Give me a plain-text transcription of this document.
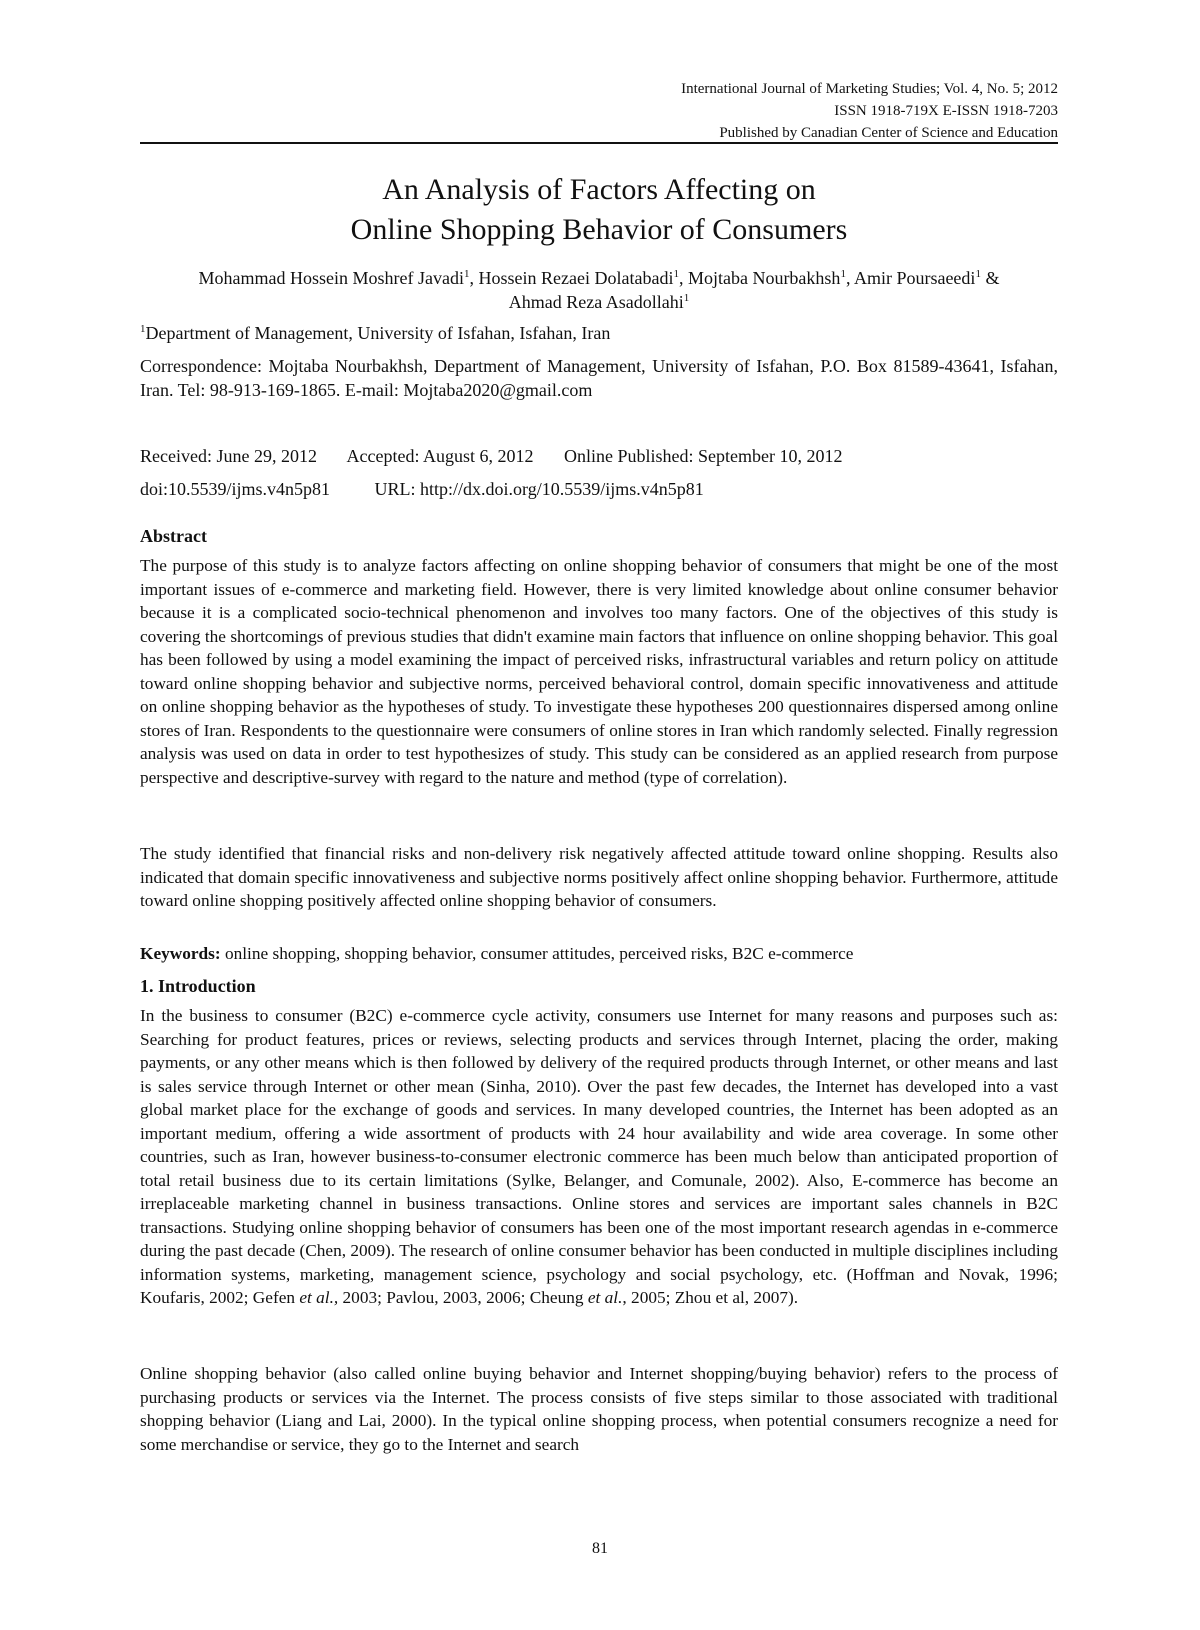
International Journal of Marketing Studies; Vol. 4, No. 5; 2012
ISSN 1918-719X E-ISSN 1918-7203
Published by Canadian Center of Science and Education
An Analysis of Factors Affecting on
Online Shopping Behavior of Consumers
Mohammad Hossein Moshref Javadi$^1$, Hossein Rezaei Dolatabadi$^1$, Mojtaba Nourbakhsh$^1$, Amir Poursaeedi$^1$ &
Ahmad Reza Asadollahi$^1$
$^1$Department of Management, University of Isfahan, Isfahan, Iran
Correspondence: Mojtaba Nourbakhsh, Department of Management, University of Isfahan, P.O. Box 81589-43641, Isfahan, Iran. Tel: 98-913-169-1865. E-mail: Mojtaba2020@gmail.com
Received: June 29, 2012 Accepted: August 6, 2012 Online Published: September 10, 2012
doi:10.5539/ijms.v4n5p81 URL: http://dx.doi.org/10.5539/ijms.v4n5p81
Abstract
The purpose of this study is to analyze factors affecting on online shopping behavior of consumers that might be one of the most important issues of e-commerce and marketing field. However, there is very limited knowledge about online consumer behavior because it is a complicated socio-technical phenomenon and involves too many factors. One of the objectives of this study is covering the shortcomings of previous studies that didn't examine main factors that influence on online shopping behavior. This goal has been followed by using a model examining the impact of perceived risks, infrastructural variables and return policy on attitude toward online shopping behavior and subjective norms, perceived behavioral control, domain specific innovativeness and attitude on online shopping behavior as the hypotheses of study. To investigate these hypotheses 200 questionnaires dispersed among online stores of Iran. Respondents to the questionnaire were consumers of online stores in Iran which randomly selected. Finally regression analysis was used on data in order to test hypothesizes of study. This study can be considered as an applied research from purpose perspective and descriptive-survey with regard to the nature and method (type of correlation).
The study identified that financial risks and non-delivery risk negatively affected attitude toward online shopping. Results also indicated that domain specific innovativeness and subjective norms positively affect online shopping behavior. Furthermore, attitude toward online shopping positively affected online shopping behavior of consumers.
Keywords: online shopping, shopping behavior, consumer attitudes, perceived risks, B2C e-commerce
1. Introduction
In the business to consumer (B2C) e-commerce cycle activity, consumers use Internet for many reasons and purposes such as: Searching for product features, prices or reviews, selecting products and services through Internet, placing the order, making payments, or any other means which is then followed by delivery of the required products through Internet, or other means and last is sales service through Internet or other mean (Sinha, 2010). Over the past few decades, the Internet has developed into a vast global market place for the exchange of goods and services. In many developed countries, the Internet has been adopted as an important medium, offering a wide assortment of products with 24 hour availability and wide area coverage. In some other countries, such as Iran, however business-to-consumer electronic commerce has been much below than anticipated proportion of total retail business due to its certain limitations (Sylke, Belanger, and Comunale, 2002). Also, E-commerce has become an irreplaceable marketing channel in business transactions. Online stores and services are important sales channels in B2C transactions. Studying online shopping behavior of consumers has been one of the most important research agendas in e-commerce during the past decade (Chen, 2009). The research of online consumer behavior has been conducted in multiple disciplines including information systems, marketing, management science, psychology and social psychology, etc. (Hoffman and Novak, 1996; Koufaris, 2002; Gefen et al., 2003; Pavlou, 2003, 2006; Cheung et al., 2005; Zhou et al, 2007).
Online shopping behavior (also called online buying behavior and Internet shopping/buying behavior) refers to the process of purchasing products or services via the Internet. The process consists of five steps similar to those associated with traditional shopping behavior (Liang and Lai, 2000). In the typical online shopping process, when potential consumers recognize a need for some merchandise or service, they go to the Internet and search
81
